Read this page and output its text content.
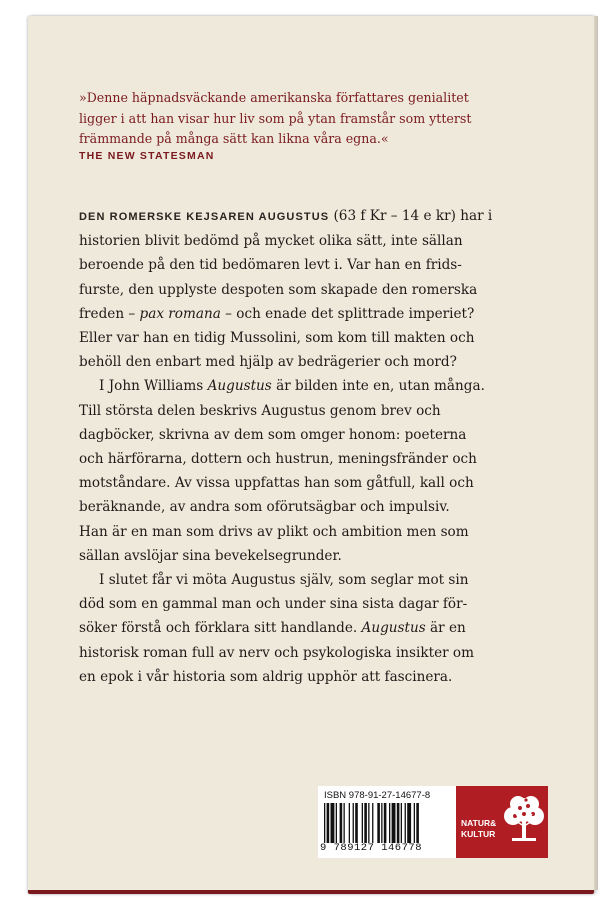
»Denne häpnadsväckande amerikanska författares genialitet
ligger i att han visar hur liv som på ytan framstår som ytterst
främmande på många sätt kan likna våra egna.«
THE NEW STATESMAN

DEN ROMERSKE KEJSAREN AUGUSTUS (63 f Kr – 14 e kr) har i
historien blivit bedömd på mycket olika sätt, inte sällan
beroende på den tid bedömaren levt i. Var han en frids-
furste, den upplyste despoten som skapade den romerska
freden – pax romana – och enade det splittrade imperiet?
Eller var han en tidig Mussolini, som kom till makten och
behöll den enbart med hjälp av bedrägerier och mord?

I John Williams Augustus är bilden inte en, utan många.
Till största delen beskrivs Augustus genom brev och
dagböcker, skrivna av dem som omger honom: poeterna
och härförarna, dottern och hustrun, meningsfränder och
motståndare. Av vissa uppfattas han som gåtfull, kall och
beräknande, av andra som oförutsägbar och impulsiv.
Han är en man som drivs av plikt och ambition men som
sällan avslöjar sina bevekelsegrunder.

I slutet får vi möta Augustus själv, som seglar mot sin
död som en gammal man och under sina sista dagar för-
söker förstå och förklara sitt handlande. Augustus är en
historisk roman full av nerv och psykologiska insikter om
en epok i vår historia som aldrig upphör att fascinera.

ISBN 978-91-27-14677-8
9 789127 146778
NATUR&
KULTUR
